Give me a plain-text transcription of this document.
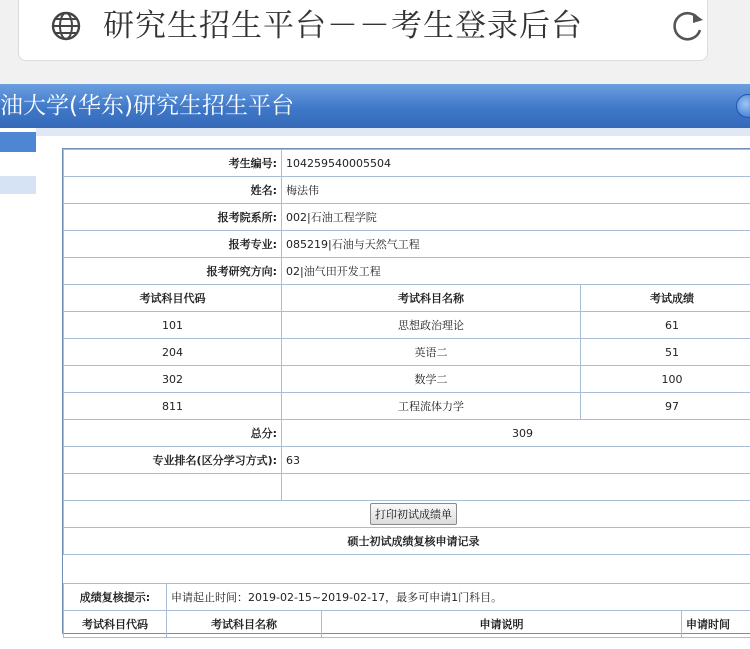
研究生招生平台－－考生登录后台
油大学(华东)研究生招生平台
考生编号:	104259540005504	
姓名:	梅法伟	
报考院系所:	002|石油工程学院	
报考专业:	085219|石油与天然气工程	
报考研究方向:	02|油气田开发工程	
考试科目代码	考试科目名称	考试成绩
101	思想政治理论	61
204	英语二	51
302	数学二	100
811	工程流体力学	97
总分:	309	
专业排名(区分学习方式):	63	

打印初试成绩单		
硕士初试成绩复核申请记录		
成绩复核提示:	申请起止时间：2019-02-15~2019-02-17，最多可申请1门科目。		
考试科目代码	考试科目名称	申请说明	申请时间
